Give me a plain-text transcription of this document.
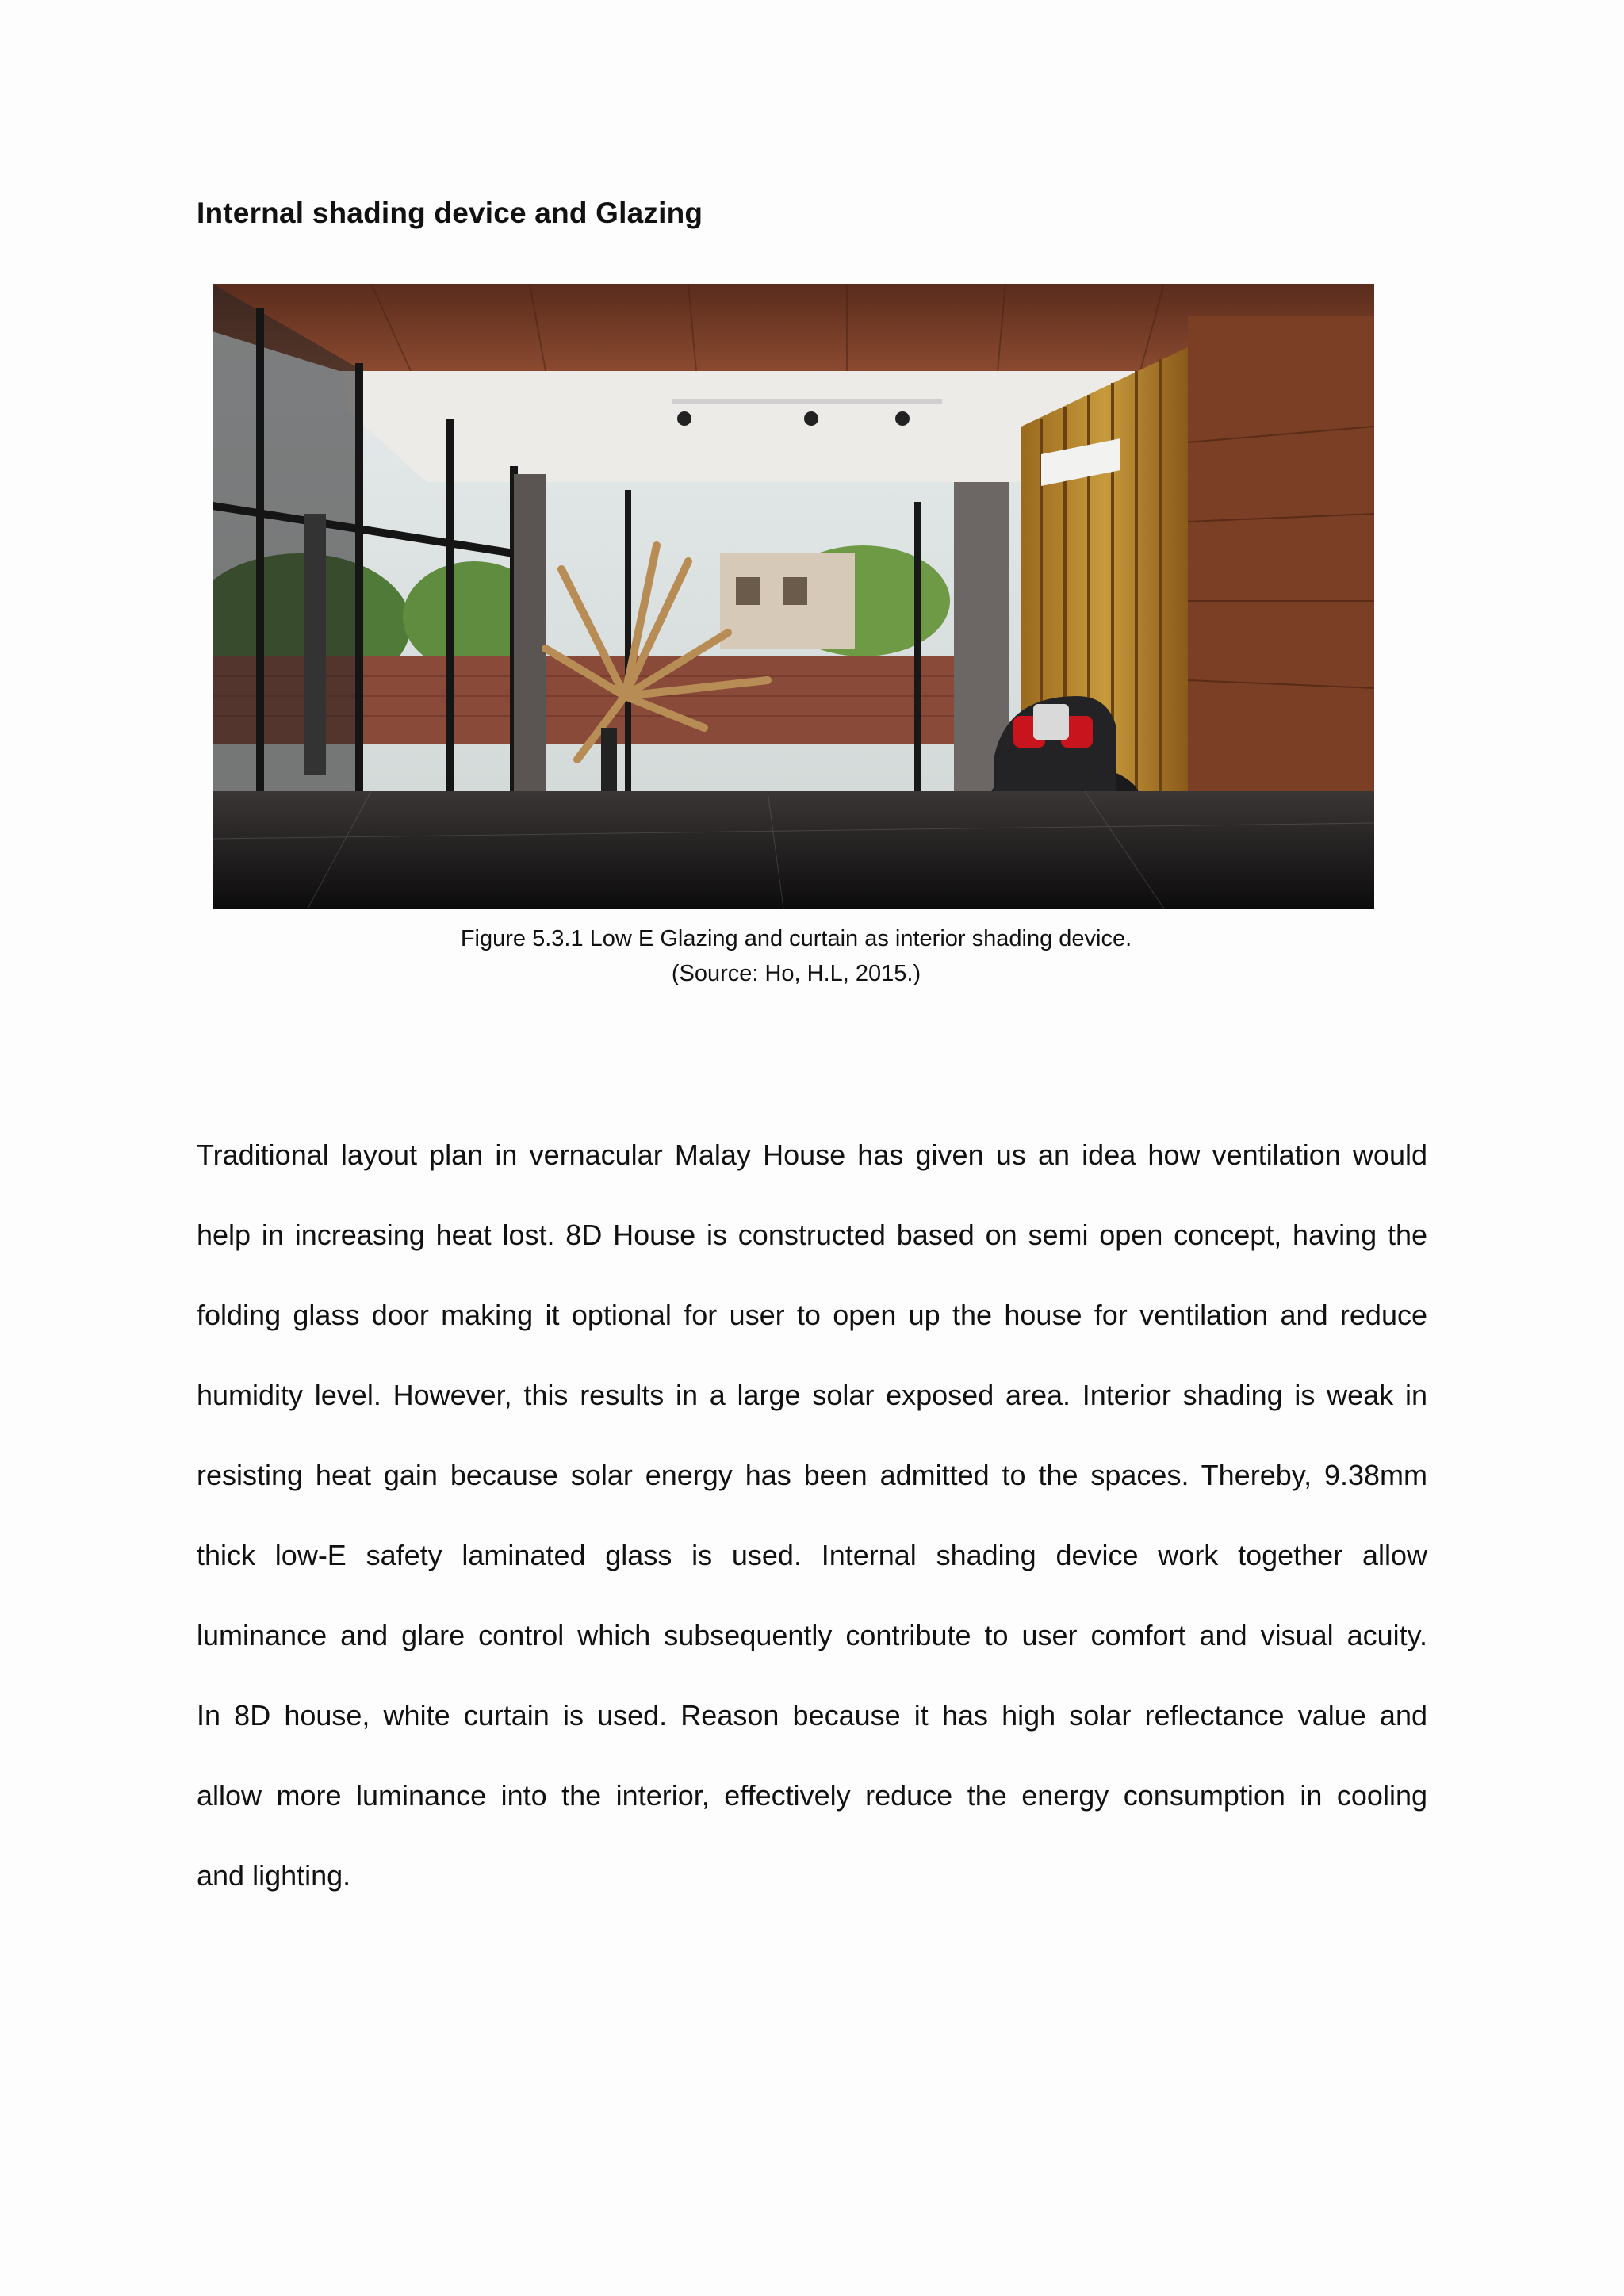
Internal shading device and Glazing
Figure 5.3.1 Low E Glazing and curtain as interior shading device.
(Source: Ho, H.L, 2015.)
Traditional layout plan in vernacular Malay House has given us an idea how ventilation would
help in increasing heat lost. 8D House is constructed based on semi open concept, having the
folding glass door making it optional for user to open up the house for ventilation and reduce
humidity level. However, this results in a large solar exposed area. Interior shading is weak in
resisting heat gain because solar energy has been admitted to the spaces. Thereby, 9.38mm
thick low-E safety laminated glass is used. Internal shading device work together allow
luminance and glare control which subsequently contribute to user comfort and visual acuity.
In 8D house, white curtain is used. Reason because it has high solar reflectance value and
allow more luminance into the interior, effectively reduce the energy consumption in cooling
and lighting.
